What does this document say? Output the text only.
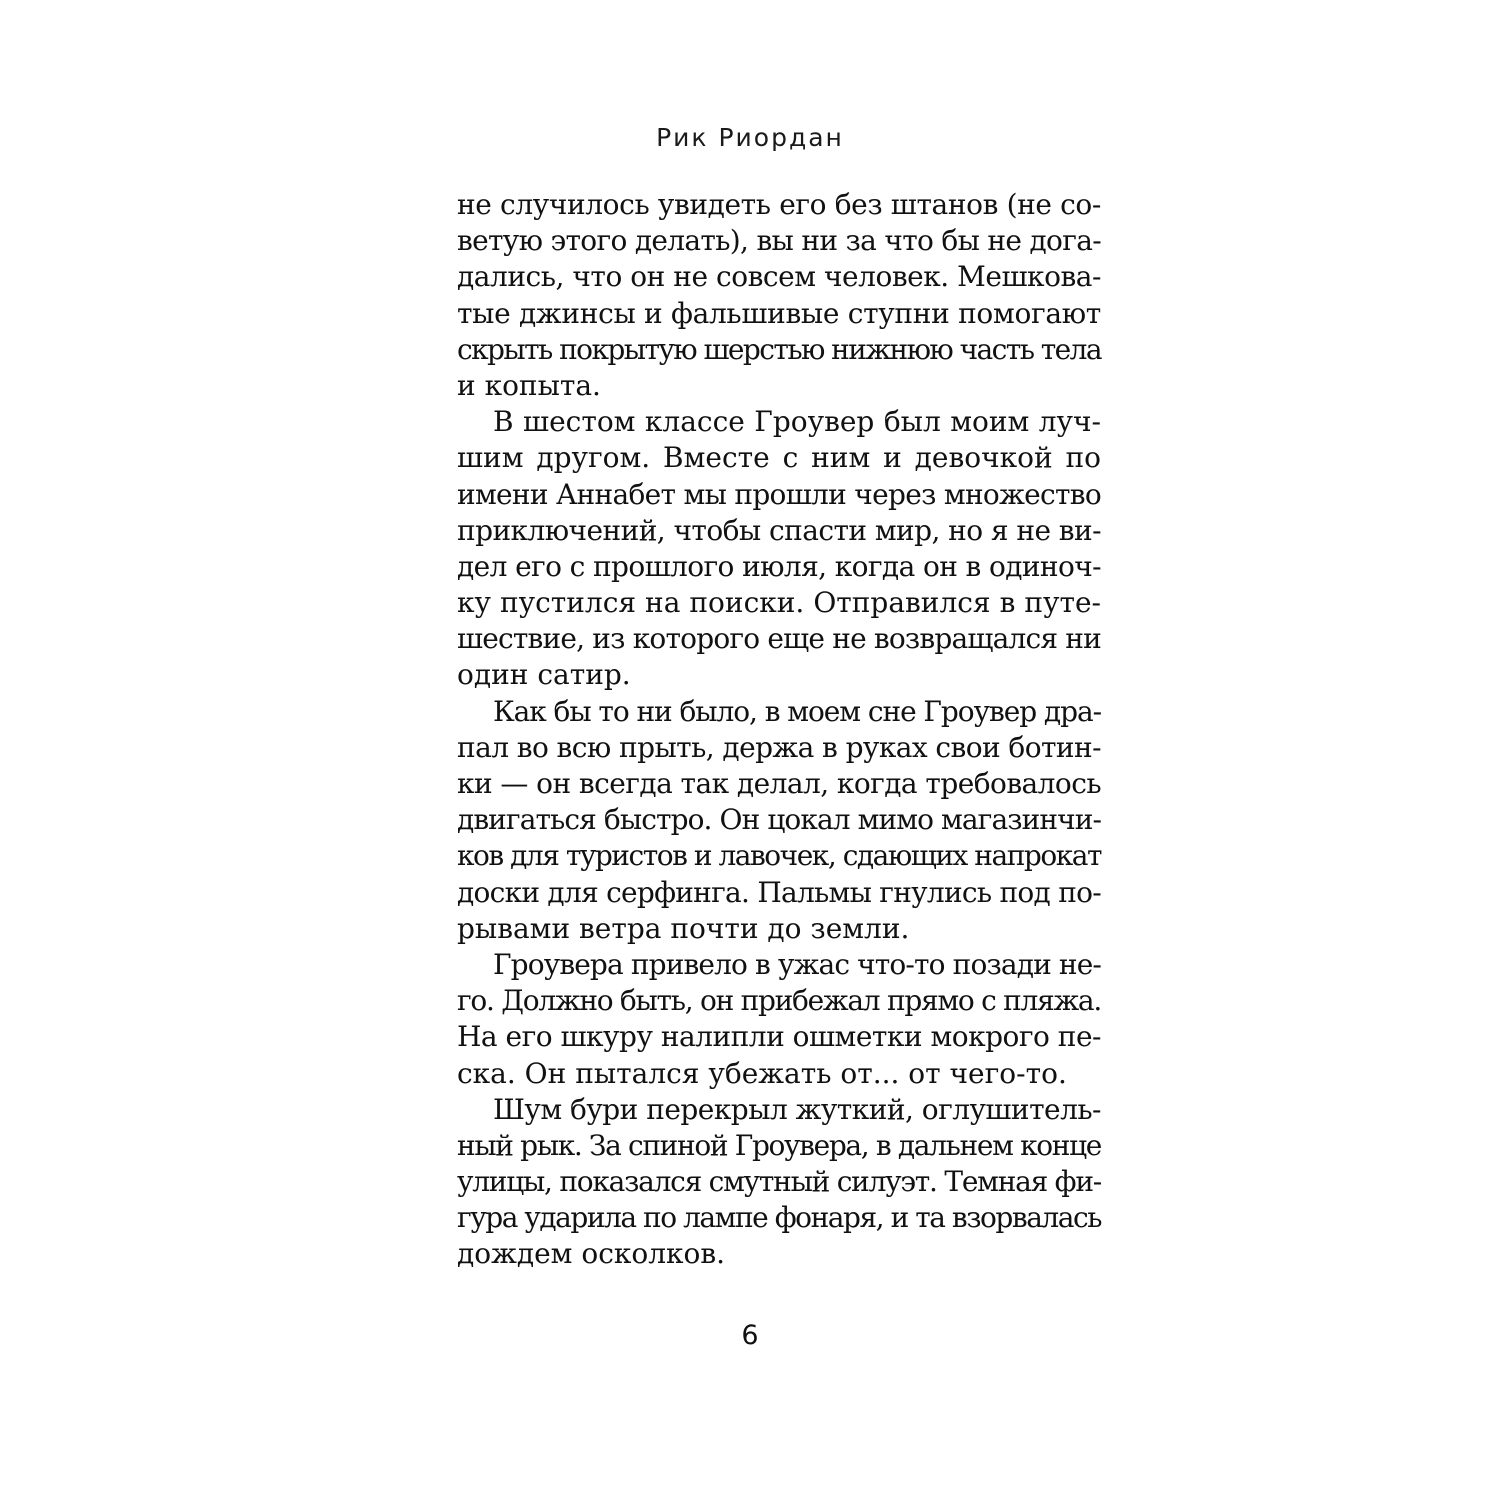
Рик Риордан
не случилось увидеть его без штанов (не со-
ветую этого делать), вы ни за что бы не дога-
дались, что он не совсем человек. Мешкова-
тые джинсы и фальшивые ступни помогают
скрыть покрытую шерстью нижнюю часть тела
и копыта.
В шестом классе Гроувер был моим луч-
шим другом. Вместе с ним и девочкой по
имени Аннабет мы прошли через множество
приключений, чтобы спасти мир, но я не ви-
дел его с прошлого июля, когда он в одиноч-
ку пустился на поиски. Отправился в путе-
шествие, из которого еще не возвращался ни
один сатир.
Как бы то ни было, в моем сне Гроувер дра-
пал во всю прыть, держа в руках свои ботин-
ки — он всегда так делал, когда требовалось
двигаться быстро. Он цокал мимо магазинчи-
ков для туристов и лавочек, сдающих напрокат
доски для серфинга. Пальмы гнулись под по-
рывами ветра почти до земли.
Гроувера привело в ужас что-то позади не-
го. Должно быть, он прибежал прямо с пляжа.
На его шкуру налипли ошметки мокрого пе-
ска. Он пытался убежать от... от чего-то.
Шум бури перекрыл жуткий, оглушитель-
ный рык. За спиной Гроувера, в дальнем конце
улицы, показался смутный силуэт. Темная фи-
гура ударила по лампе фонаря, и та взорвалась
дождем осколков.
6
